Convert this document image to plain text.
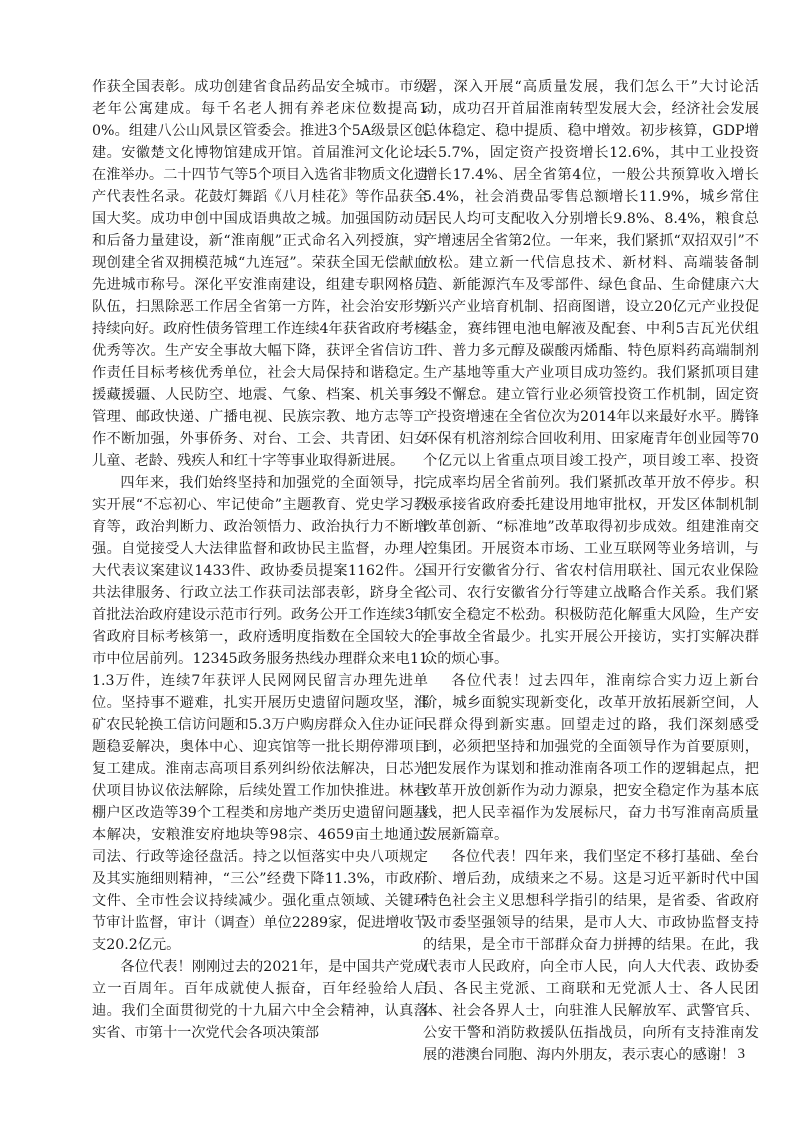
作获全国表彰。成功创建省食品药品安全城市。市级老年公寓建成。每千名老人拥有养老床位数提高10%。组建八公山风景区管委会。推进3个5A级景区创建。安徽楚文化博物馆建成开馆。首届淮河文化论坛在淮举办。二十四节气等5个项目入选省非物质文化遗产代表性名录。花鼓灯舞蹈《八月桂花》等作品获全国大奖。成功申创中国成语典故之城。加强国防动员和后备力量建设，新“淮南舰”正式命名入列授旗，实现创建全省双拥模范城“九连冠”。荣获全国无偿献血先进城市称号。深化平安淮南建设，组建专职网格员队伍，扫黑除恶工作居全省第一方阵，社会治安形势持续向好。政府性债务管理工作连续4年获省政府考核优秀等次。生产安全事故大幅下降，获评全省信访工作责任目标考核优秀单位，社会大局保持和谐稳定。援藏援疆、人民防空、地震、气象、档案、机关事务管理、邮政快递、广播电视、民族宗教、地方志等工作不断加强，外事侨务、对台、工会、共青团、妇女儿童、老龄、残疾人和红十字等事业取得新进展。

四年来，我们始终坚持和加强党的全面领导，扎实开展“不忘初心、牢记使命”主题教育、党史学习教育等，政治判断力、政治领悟力、政治执行力不断增强。自觉接受人大法律监督和政协民主监督，办理人大代表议案建议1433件、政协委员提案1162件。公共法律服务、行政立法工作获司法部表彰，跻身全省首批法治政府建设示范市行列。政务公开工作连续3年省政府目标考核第一，政府透明度指数在全国较大的市中位居前列。12345政务服务热线办理群众来电111.3万件，连续7年获评人民网网民留言办理先进单位。坚持事不避难，扎实开展历史遗留问题攻坚，淮矿农民轮换工信访问题和5.3万户购房群众入住办证问题稳妥解决，奥体中心、迎宾馆等一批长期停滞项目复工建成。淮南志高项目系列纠纷依法解决，日芯光伏项目协议依法解除，后续处置工作加快推进。林巷棚户区改造等39个工程类和房地产类历史遗留问题基本解决，安粮淮安府地块等98宗、4659亩土地通过司法、行政等途径盘活。持之以恒落实中央八项规定及其实施细则精神，“三公”经费下降11.3%，市政府文件、全市性会议持续减少。强化重点领域、关键环节审计监督，审计（调查）单位2289家，促进增收节支20.2亿元。

各位代表！刚刚过去的2021年，是中国共产党成立一百周年。百年成就使人振奋，百年经验给人启迪。我们全面贯彻党的十九届六中全会精神，认真落实省、市第十一次党代会各项决策部

署，深入开展“高质量发展，我们怎么干”大讨论活动，成功召开首届淮南转型发展大会，经济社会发展总体稳定、稳中提质、稳中增效。初步核算，GDP增长5.7%，固定资产投资增长12.6%，其中工业投资增长17.4%、居全省第4位，一般公共预算收入增长5.4%，社会消费品零售总额增长11.9%，城乡常住居民人均可支配收入分别增长9.8%、8.4%，粮食总产增速居全省第2位。一年来，我们紧抓“双招双引”不放松。建立新一代信息技术、新材料、高端装备制造、新能源汽车及零部件、绿色食品、生命健康六大新兴产业培育机制、招商图谱，设立20亿元产业投促基金，赛纬锂电池电解液及配套、中利5吉瓦光伏组件、普力多元醇及碳酸丙烯酯、特色原料药高端制剂生产基地等重大产业项目成功签约。我们紧抓项目建设不懈怠。建立管行业必须管投资工作机制，固定资产投资增速在全省位次为2014年以来最好水平。腾锋环保有机溶剂综合回收利用、田家庵青年创业园等70个亿元以上省重点项目竣工投产，项目竣工率、投资完成率均居全省前列。我们紧抓改革开放不停步。积极承接省政府委托建设用地审批权，开发区体制机制改革创新、“标准地”改革取得初步成效。组建淮南交控集团。开展资本市场、工业互联网等业务培训，与国开行安徽省分行、省农村信用联社、国元农业保险公司、农行安徽省分行等建立战略合作关系。我们紧抓安全稳定不松劲。积极防范化解重大风险，生产安全事故全省最少。扎实开展公开接访，实打实解决群众的烦心事。

各位代表！过去四年，淮南综合实力迈上新台阶，城乡面貌实现新变化，改革开放拓展新空间，人民群众得到新实惠。回望走过的路，我们深刻感受到，必须把坚持和加强党的全面领导作为首要原则，把发展作为谋划和推动淮南各项工作的逻辑起点，把改革开放创新作为动力源泉，把安全稳定作为基本底线，把人民幸福作为发展标尺，奋力书写淮南高质量发展新篇章。

各位代表！四年来，我们坚定不移打基础、垒台阶、增后劲，成绩来之不易。这是习近平新时代中国特色社会主义思想科学指引的结果，是省委、省政府及市委坚强领导的结果，是市人大、市政协监督支持的结果，是全市干部群众奋力拼搏的结果。在此，我代表市人民政府，向全市人民，向人大代表、政协委员、各民主党派、工商联和无党派人士、各人民团体、社会各界人士，向驻淮人民解放军、武警官兵、公安干警和消防救援队伍指战员，向所有支持淮南发展的港澳台同胞、海内外朋友，表示衷心的感谢！ 3
